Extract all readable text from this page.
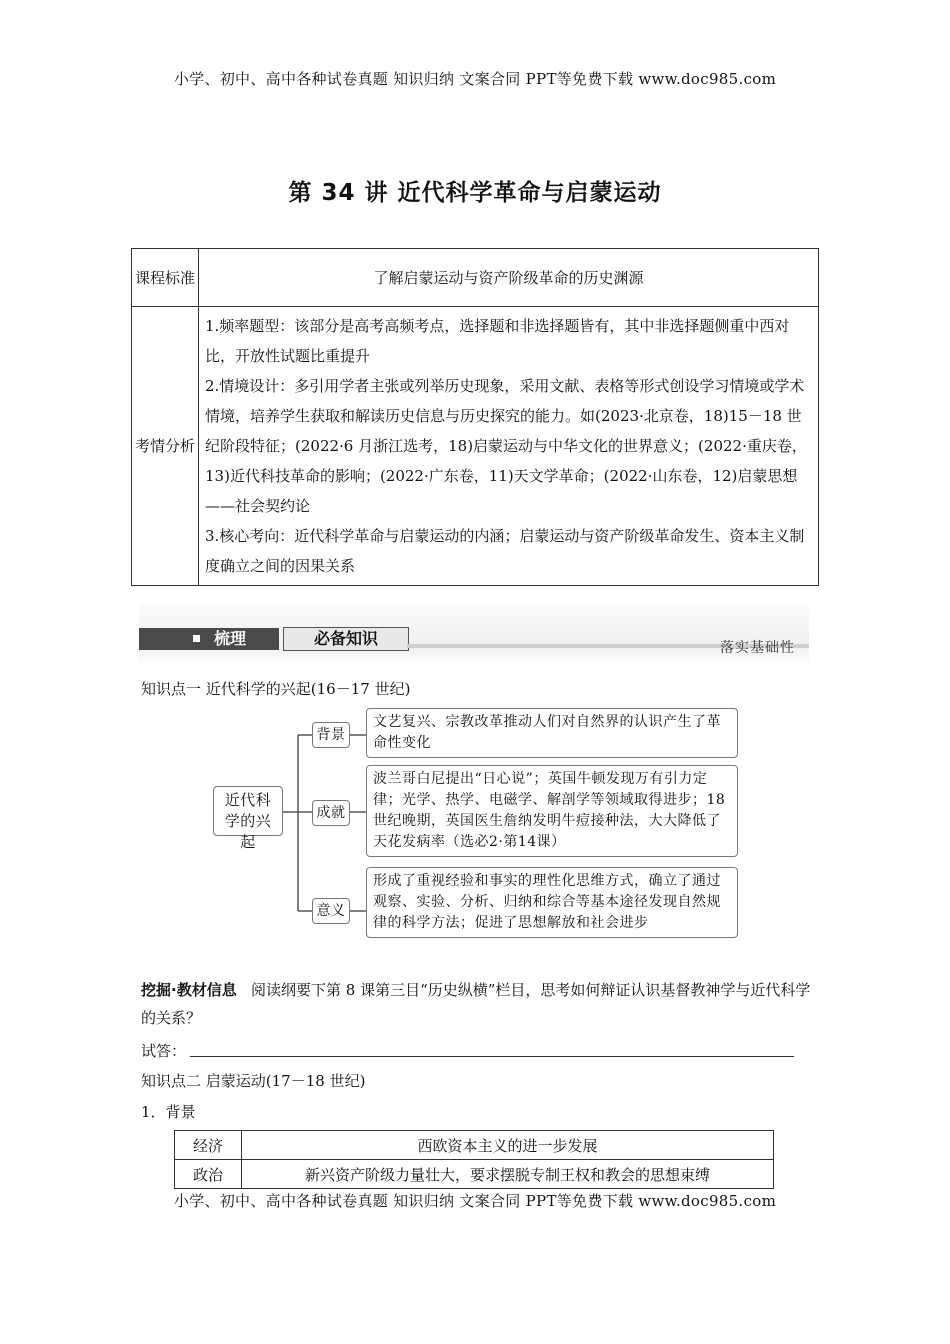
小学、初中、高中各种试卷真题 知识归纳 文案合同 PPT等免费下载 www.doc985.com
第 34 讲 近代科学革命与启蒙运动
课程标准	了解启蒙运动与资产阶级革命的历史渊源
考情分析	1.频率题型：该部分是高考高频考点，选择题和非选择题皆有，其中非选择题侧重中西对比，开放性试题比重提升

2.情境设计：多引用学者主张或列举历史现象，采用文献、表格等形式创设学习情境或学术情境，培养学生获取和解读历史信息与历史探究的能力。如(2023·北京卷，18)15－18 世纪阶段特征；(2022·6 月浙江选考，18)启蒙运动与中华文化的世界意义；(2022·重庆卷，13)近代科技革命的影响；(2022·广东卷，11)天文学革命；(2022·山东卷，12)启蒙思想——社会契约论

3.核心考向：近代科学革命与启蒙运动的内涵；启蒙运动与资产阶级革命发生、资本主义制度确立之间的因果关系

梳理	必备知识	落实基础性
知识点一 近代科学的兴起(16－17 世纪)
近代科学的兴起
背景
成就
意义
文艺复兴、宗教改革推动人们对自然界的认识产生了革命性变化
波兰哥白尼提出“日心说”；英国牛顿发现万有引力定律；光学、热学、电磁学、解剖学等领域取得进步；18世纪晚期，英国医生詹纳发明牛痘接种法，大大降低了天花发病率（选必2·第14课）
形成了重视经验和事实的理性化思维方式，确立了通过观察、实验、分析、归纳和综合等基本途径发现自然规律的科学方法；促进了思想解放和社会进步
挖掘·教材信息 阅读纲要下第 8 课第三目“历史纵横”栏目，思考如何辩证认识基督教神学与近代科学的关系？
试答：
知识点二 启蒙运动(17－18 世纪)
1．背景
经济	西欧资本主义的进一步发展
政治	新兴资产阶级力量壮大，要求摆脱专制王权和教会的思想束缚
小学、初中、高中各种试卷真题 知识归纳 文案合同 PPT等免费下载 www.doc985.com
